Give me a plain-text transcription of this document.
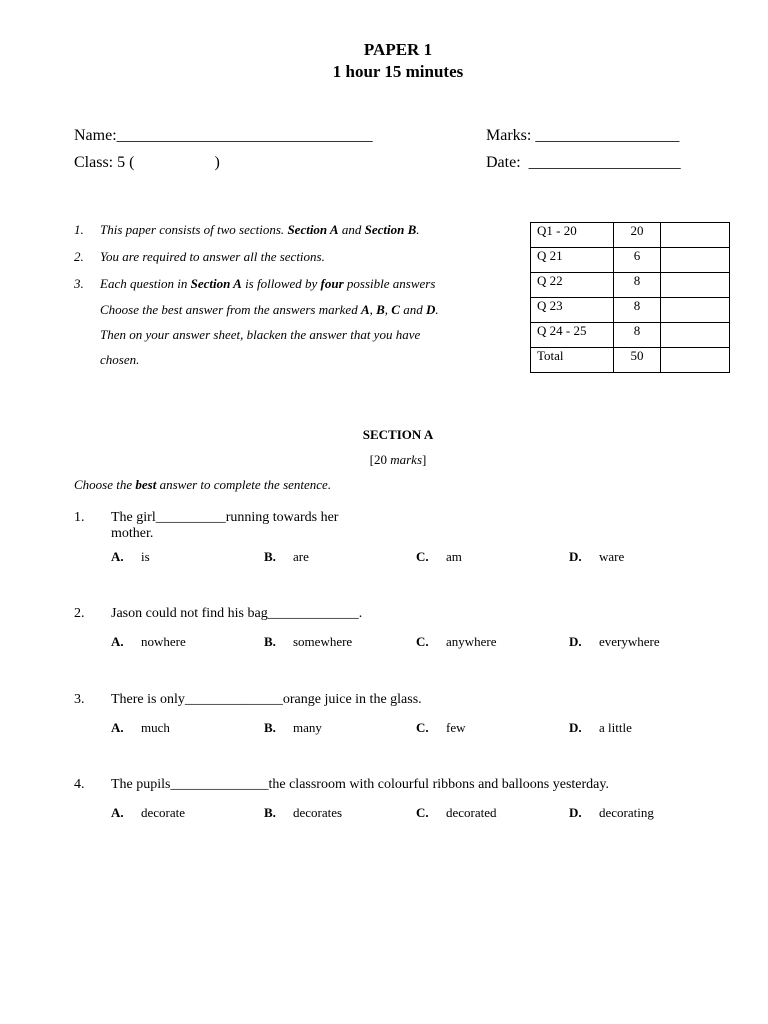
PAPER 1
1 hour 15 minutes
Name:________________________________	Marks: __________________
Class: 5 (                    )	Date:  ___________________
1. This paper consists of two sections. Section A and Section B.
2. You are required to answer all the sections.
3. Each question in Section A is followed by four possible answers
Choose the best answer from the answers marked A, B, C and D.
Then on your answer sheet, blacken the answer that you have
chosen.
Q1 - 20	20	
Q 21	6	
Q 22	8	
Q 23	8	
Q 24 - 25	8	
Total	50	
SECTION A
[20 marks]
Choose the best answer to complete the sentence.
1. The girl__________running towards her
mother.
A. is	B. are	C. am	D. ware
2. Jason could not find his bag_____________.
A. nowhere	B. somewhere	C. anywhere	D. everywhere
3. There is only______________orange juice in the glass.
A. much	B. many	C. few	D. a little
4. The pupils______________the classroom with colourful ribbons and balloons yesterday.
A. decorate	B. decorates	C. decorated	D. decorating
